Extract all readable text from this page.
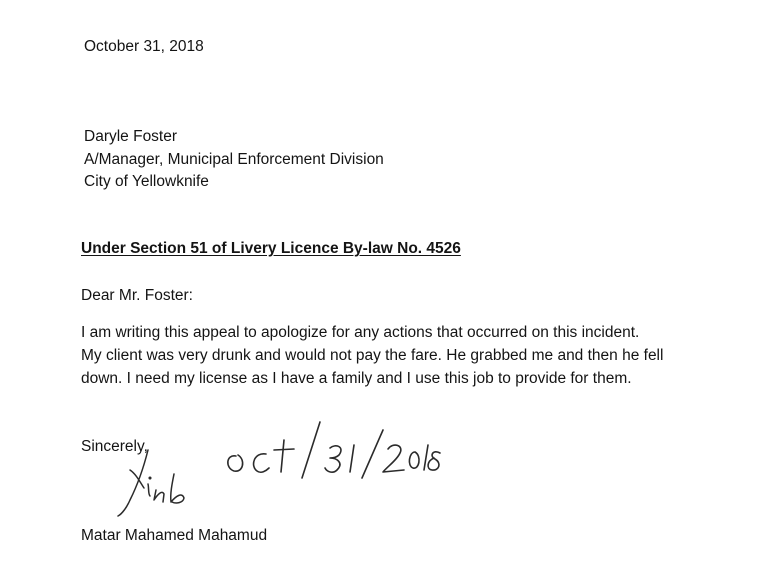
October 31, 2018
Daryle Foster
A/Manager, Municipal Enforcement Division
City of Yellowknife
Under Section 51 of Livery Licence By-law No. 4526
Dear Mr. Foster:
I am writing this appeal to apologize for any actions that occurred on this incident.
My client was very drunk and would not pay the fare. He grabbed me and then he fell
down. I need my license as I have a family and I use this job to provide for them.
Sincerely,
Matar Mahamed Mahamud
